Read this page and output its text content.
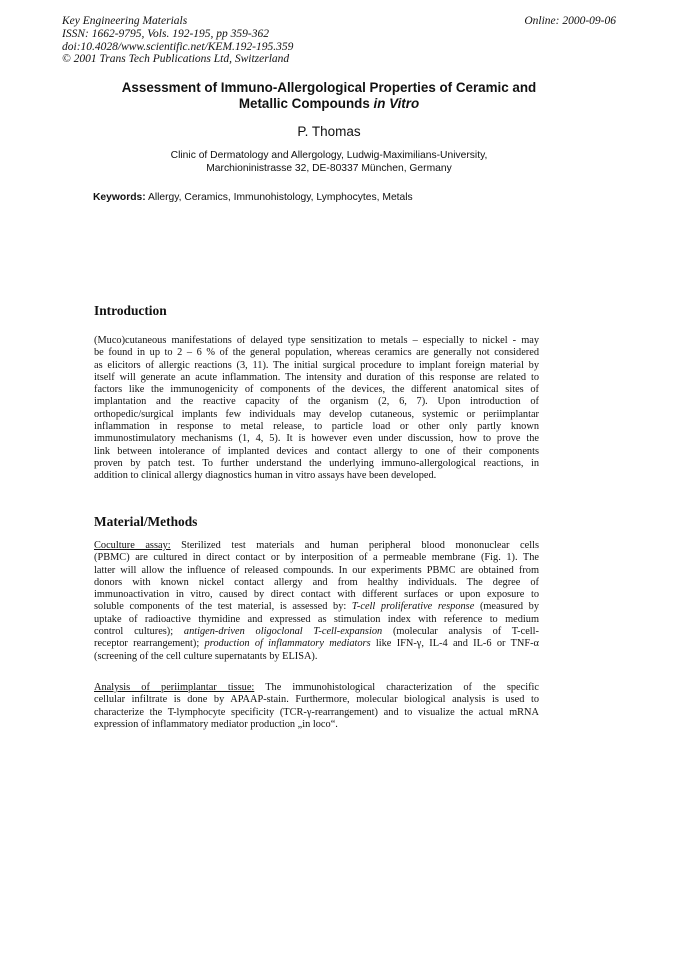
Key Engineering Materials
ISSN: 1662-9795, Vols. 192-195, pp 359-362
doi:10.4028/www.scientific.net/KEM.192-195.359
© 2001 Trans Tech Publications Ltd, Switzerland
Online: 2000-09-06
Assessment of Immuno-Allergological Properties of Ceramic and
Metallic Compounds in Vitro
P. Thomas
Clinic of Dermatology and Allergology, Ludwig-Maximilians-University,
Marchioninistrasse 32, DE-80337 München, Germany
Keywords: Allergy, Ceramics, Immunohistology, Lymphocytes, Metals
Introduction
(Muco)cutaneous manifestations of delayed type sensitization to metals – especially to nickel - may
be found in up to 2 – 6 % of the general population, whereas ceramics are generally not considered
as elicitors of allergic reactions (3, 11). The initial surgical procedure to implant foreign material by
itself will generate an acute inflammation. The intensity and duration of this response are related to
factors like the immunogenicity of components of the devices, the different anatomical sites of
implantation and the reactive capacity of the organism (2, 6, 7). Upon introduction of
orthopedic/surgical implants few individuals may develop cutaneous, systemic or periimplantar
inflammation in response to metal release, to particle load or other only partly known
immunostimulatory mechanisms (1, 4, 5). It is however even under discussion, how to prove the
link between intolerance of implanted devices and contact allergy to one of their components
proven by patch test. To further understand the underlying immuno-allergological reactions, in
addition to clinical allergy diagnostics human in vitro assays have been developed.
Material/Methods
Coculture assay: Sterilized test materials and human peripheral blood mononuclear cells
(PBMC) are cultured in direct contact or by interposition of a permeable membrane (Fig. 1). The
latter will allow the influence of released compounds. In our experiments PBMC are obtained from
donors with known nickel contact allergy and from healthy individuals. The degree of
immunoactivation in vitro, caused by direct contact with different surfaces or upon exposure to
soluble components of the test material, is assessed by: T-cell proliferative response (measured by
uptake of radioactive thymidine and expressed as stimulation index with reference to medium
control cultures); antigen-driven oligoclonal T-cell-expansion (molecular analysis of T-cell-
receptor rearrangement); production of inflammatory mediators like IFN-γ, IL-4 and IL-6 or TNF-α
(screening of the cell culture supernatants by ELISA).
Analysis of periimplantar tissue: The immunohistological characterization of the specific
cellular infiltrate is done by APAAP-stain. Furthermore, molecular biological analysis is used to
characterize the T-lymphocyte specificity (TCR-γ-rearrangement) and to visualize the actual mRNA
expression of inflammatory mediator production „in loco“.
